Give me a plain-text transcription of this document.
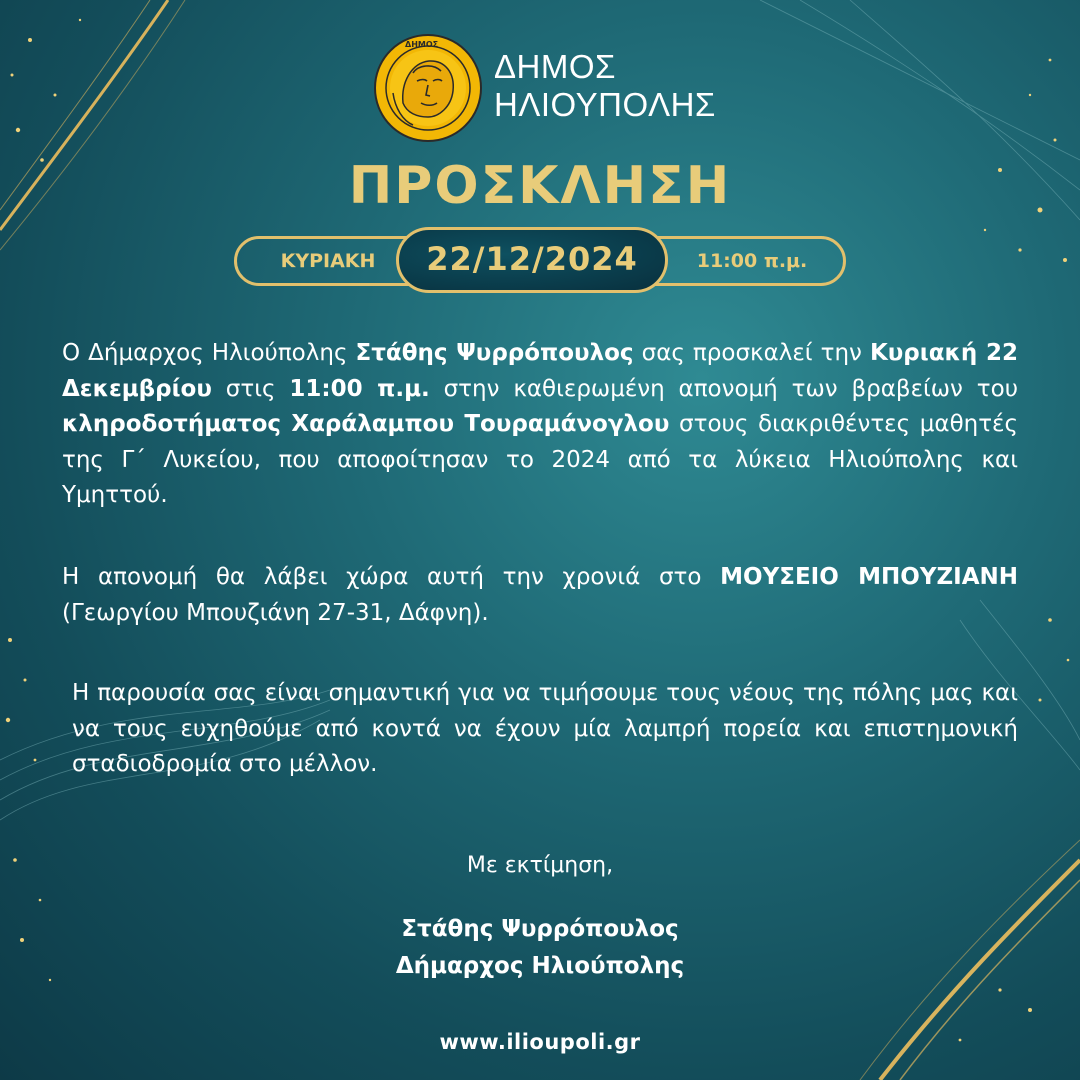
ΔΗΜΟΣ
ΔΗΜΟΣ
ΗΛΙΟΥΠΟΛΗΣ
ΠΡΟΣΚΛΗΣΗ
ΚΥΡΙΑΚΗ	11:00 π.μ.
22/12/2024
Ο Δήμαρχος Ηλιούπολης Στάθης Ψυρρόπουλος σας προσκαλεί την Κυριακή 22 Δεκεμβρίου στις 11:00 π.μ. στην καθιερωμένη απονομή των βραβείων του κληροδοτήματος Χαράλαμπου Τουραμάνογλου στους διακριθέντες μαθητές της Γ΄ Λυκείου, που αποφοίτησαν το 2024 από τα λύκεια Ηλιούπολης και Υμηττού.
Η απονομή θα λάβει χώρα αυτή την χρονιά στο ΜΟΥΣΕΙΟ ΜΠΟΥΖΙΑΝΗ (Γεωργίου Μπουζιάνη 27-31, Δάφνη).
Η παρουσία σας είναι σημαντική για να τιμήσουμε τους νέους της πόλης μας και να τους ευχηθούμε από κοντά να έχουν μία λαμπρή πορεία και επιστημονική σταδιοδρομία στο μέλλον.
Με εκτίμηση,
Στάθης Ψυρρόπουλος
Δήμαρχος Ηλιούπολης
www.ilioupoli.gr
